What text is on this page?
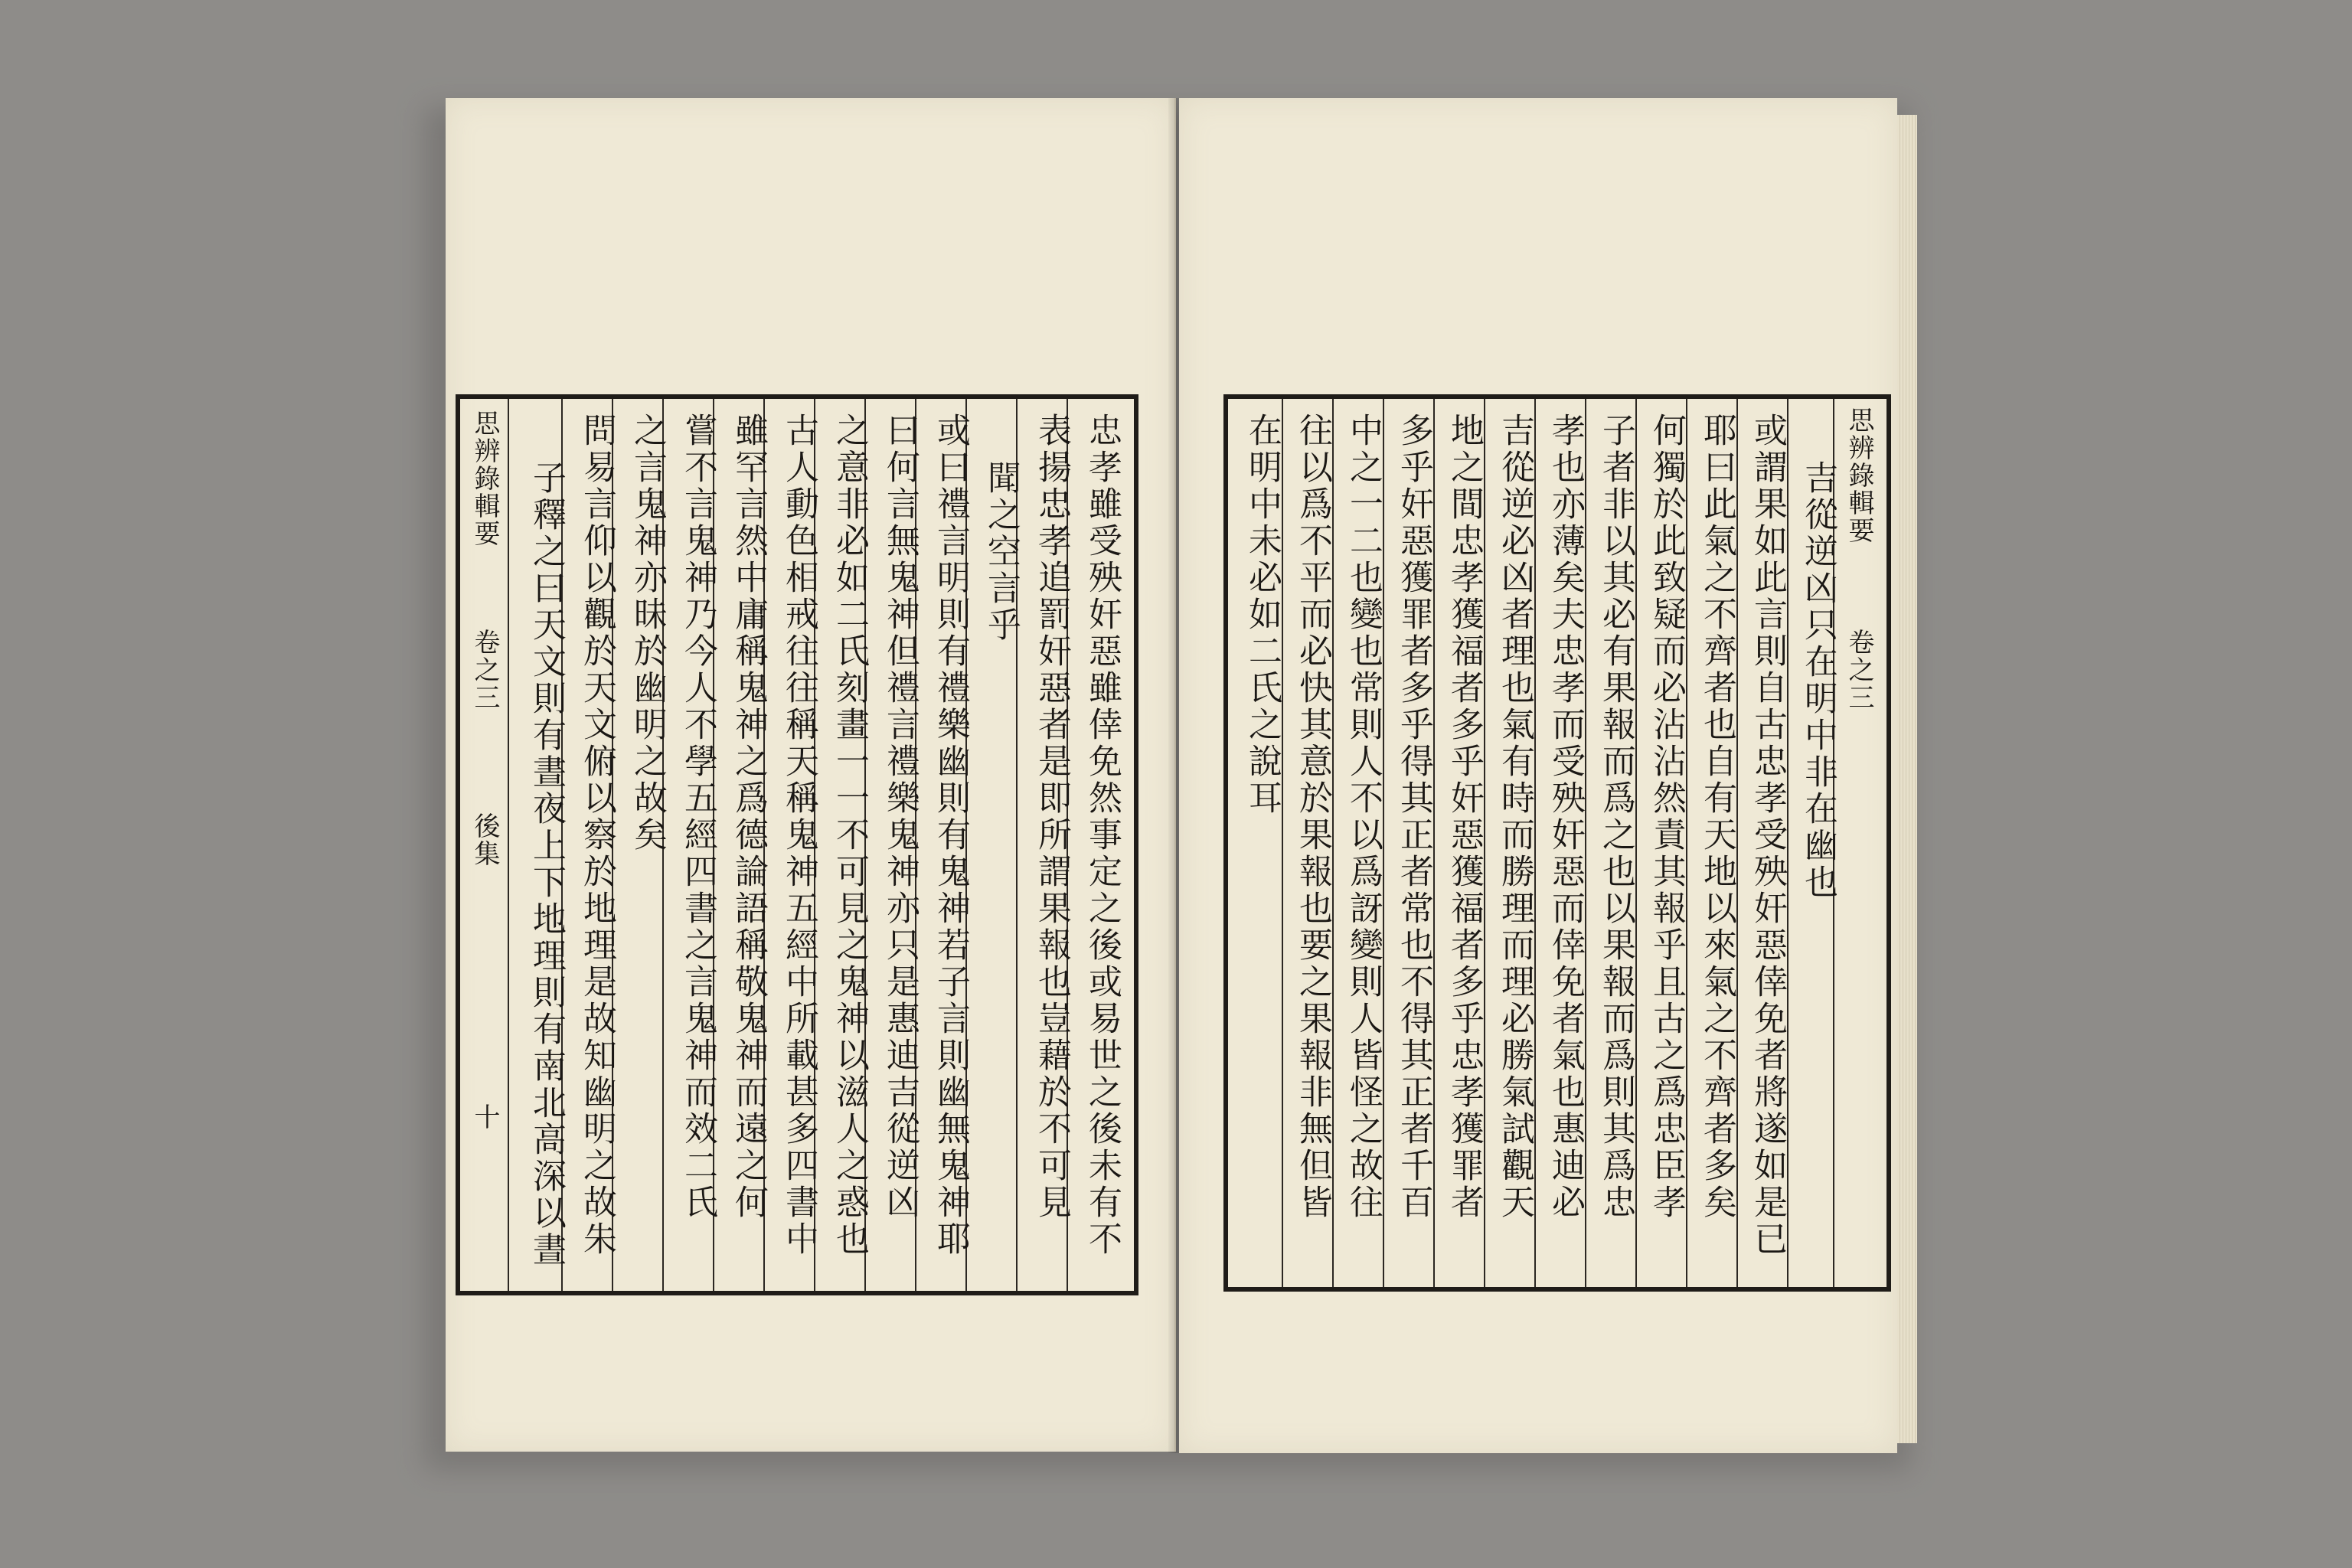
思辨錄輯要
卷之三
後集
十	忠孝雖受殃奸惡雖倖免然事定之後或易世之後未有不
表揚忠孝追罰奸惡者是即所謂果報也豈藉於不可見
聞之空言乎
或曰禮言明則有禮樂幽則有鬼神若子言則幽無鬼神耶
曰何言無鬼神但禮言禮樂鬼神亦只是惠迪吉從逆凶
之意非必如二氏刻畫一一不可見之鬼神以滋人之惑也
古人動色相戒往往稱天稱鬼神五經中所載甚多四書中
雖罕言然中庸稱鬼神之爲德論語稱敬鬼神而遠之何
嘗不言鬼神乃今人不學五經四書之言鬼神而效二氏
之言鬼神亦昧於幽明之故矣
問易言仰以觀於天文俯以察於地理是故知幽明之故朱
子釋之曰天文則有晝夜上下地理則有南北高深以晝	思辨錄輯要
卷之三
吉從逆凶只在明中非在幽也
或謂果如此言則自古忠孝受殃奸惡倖免者將遂如是已
耶曰此氣之不齊者也自有天地以來氣之不齊者多矣
何獨於此致疑而必沾沾然責其報乎且古之爲忠臣孝
子者非以其必有果報而爲之也以果報而爲則其爲忠
孝也亦薄矣夫忠孝而受殃奸惡而倖免者氣也惠迪必
吉從逆必凶者理也氣有時而勝理而理必勝氣試觀天
地之間忠孝獲福者多乎奸惡獲福者多乎忠孝獲罪者
多乎奸惡獲罪者多乎得其正者常也不得其正者千百
中之一二也變也常則人不以爲訝變則人皆怪之故往
往以爲不平而必快其意於果報也要之果報非無但皆
在明中未必如二氏之說耳
